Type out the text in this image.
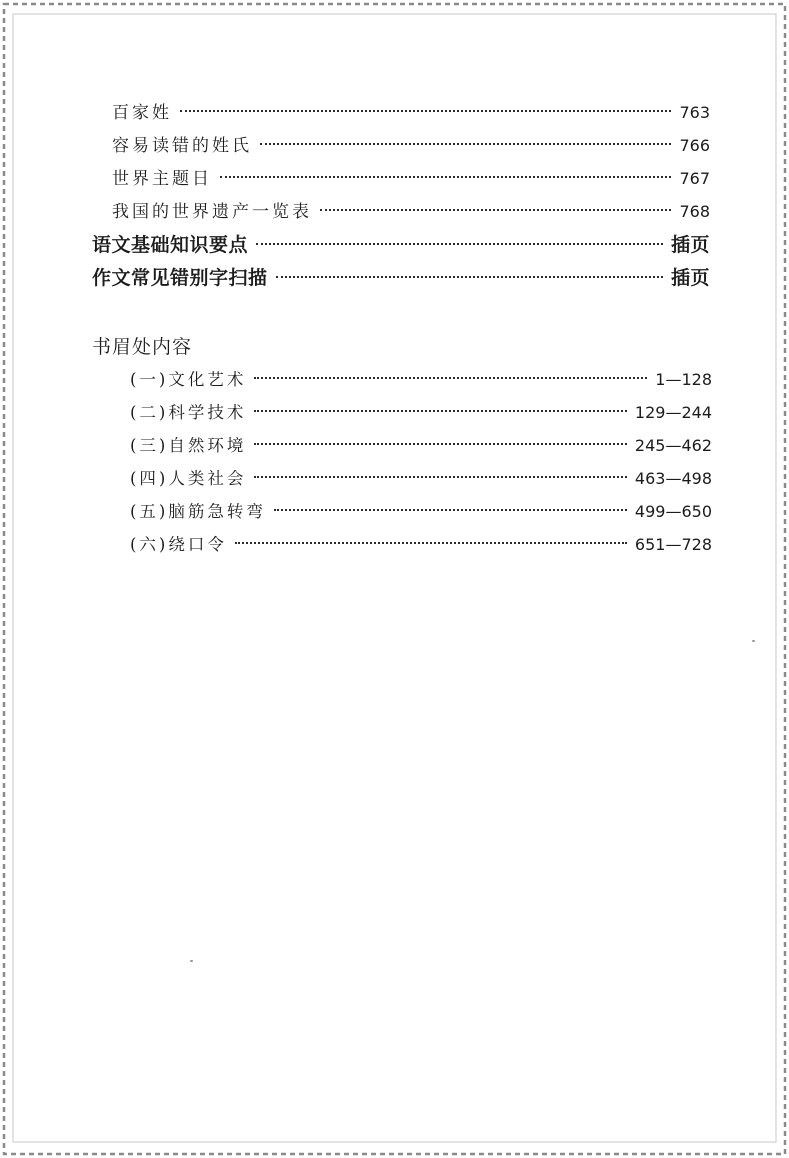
百家姓	763
容易读错的姓氏	766
世界主题日	767
我国的世界遗产一览表	768
语文基础知识要点	插页
作文常见错别字扫描	插页
书眉处内容
(一)文化艺术	1—128
(二)科学技术	129—244
(三)自然环境	245—462
(四)人类社会	463—498
(五)脑筋急转弯	499—650
(六)绕口令	651—728
